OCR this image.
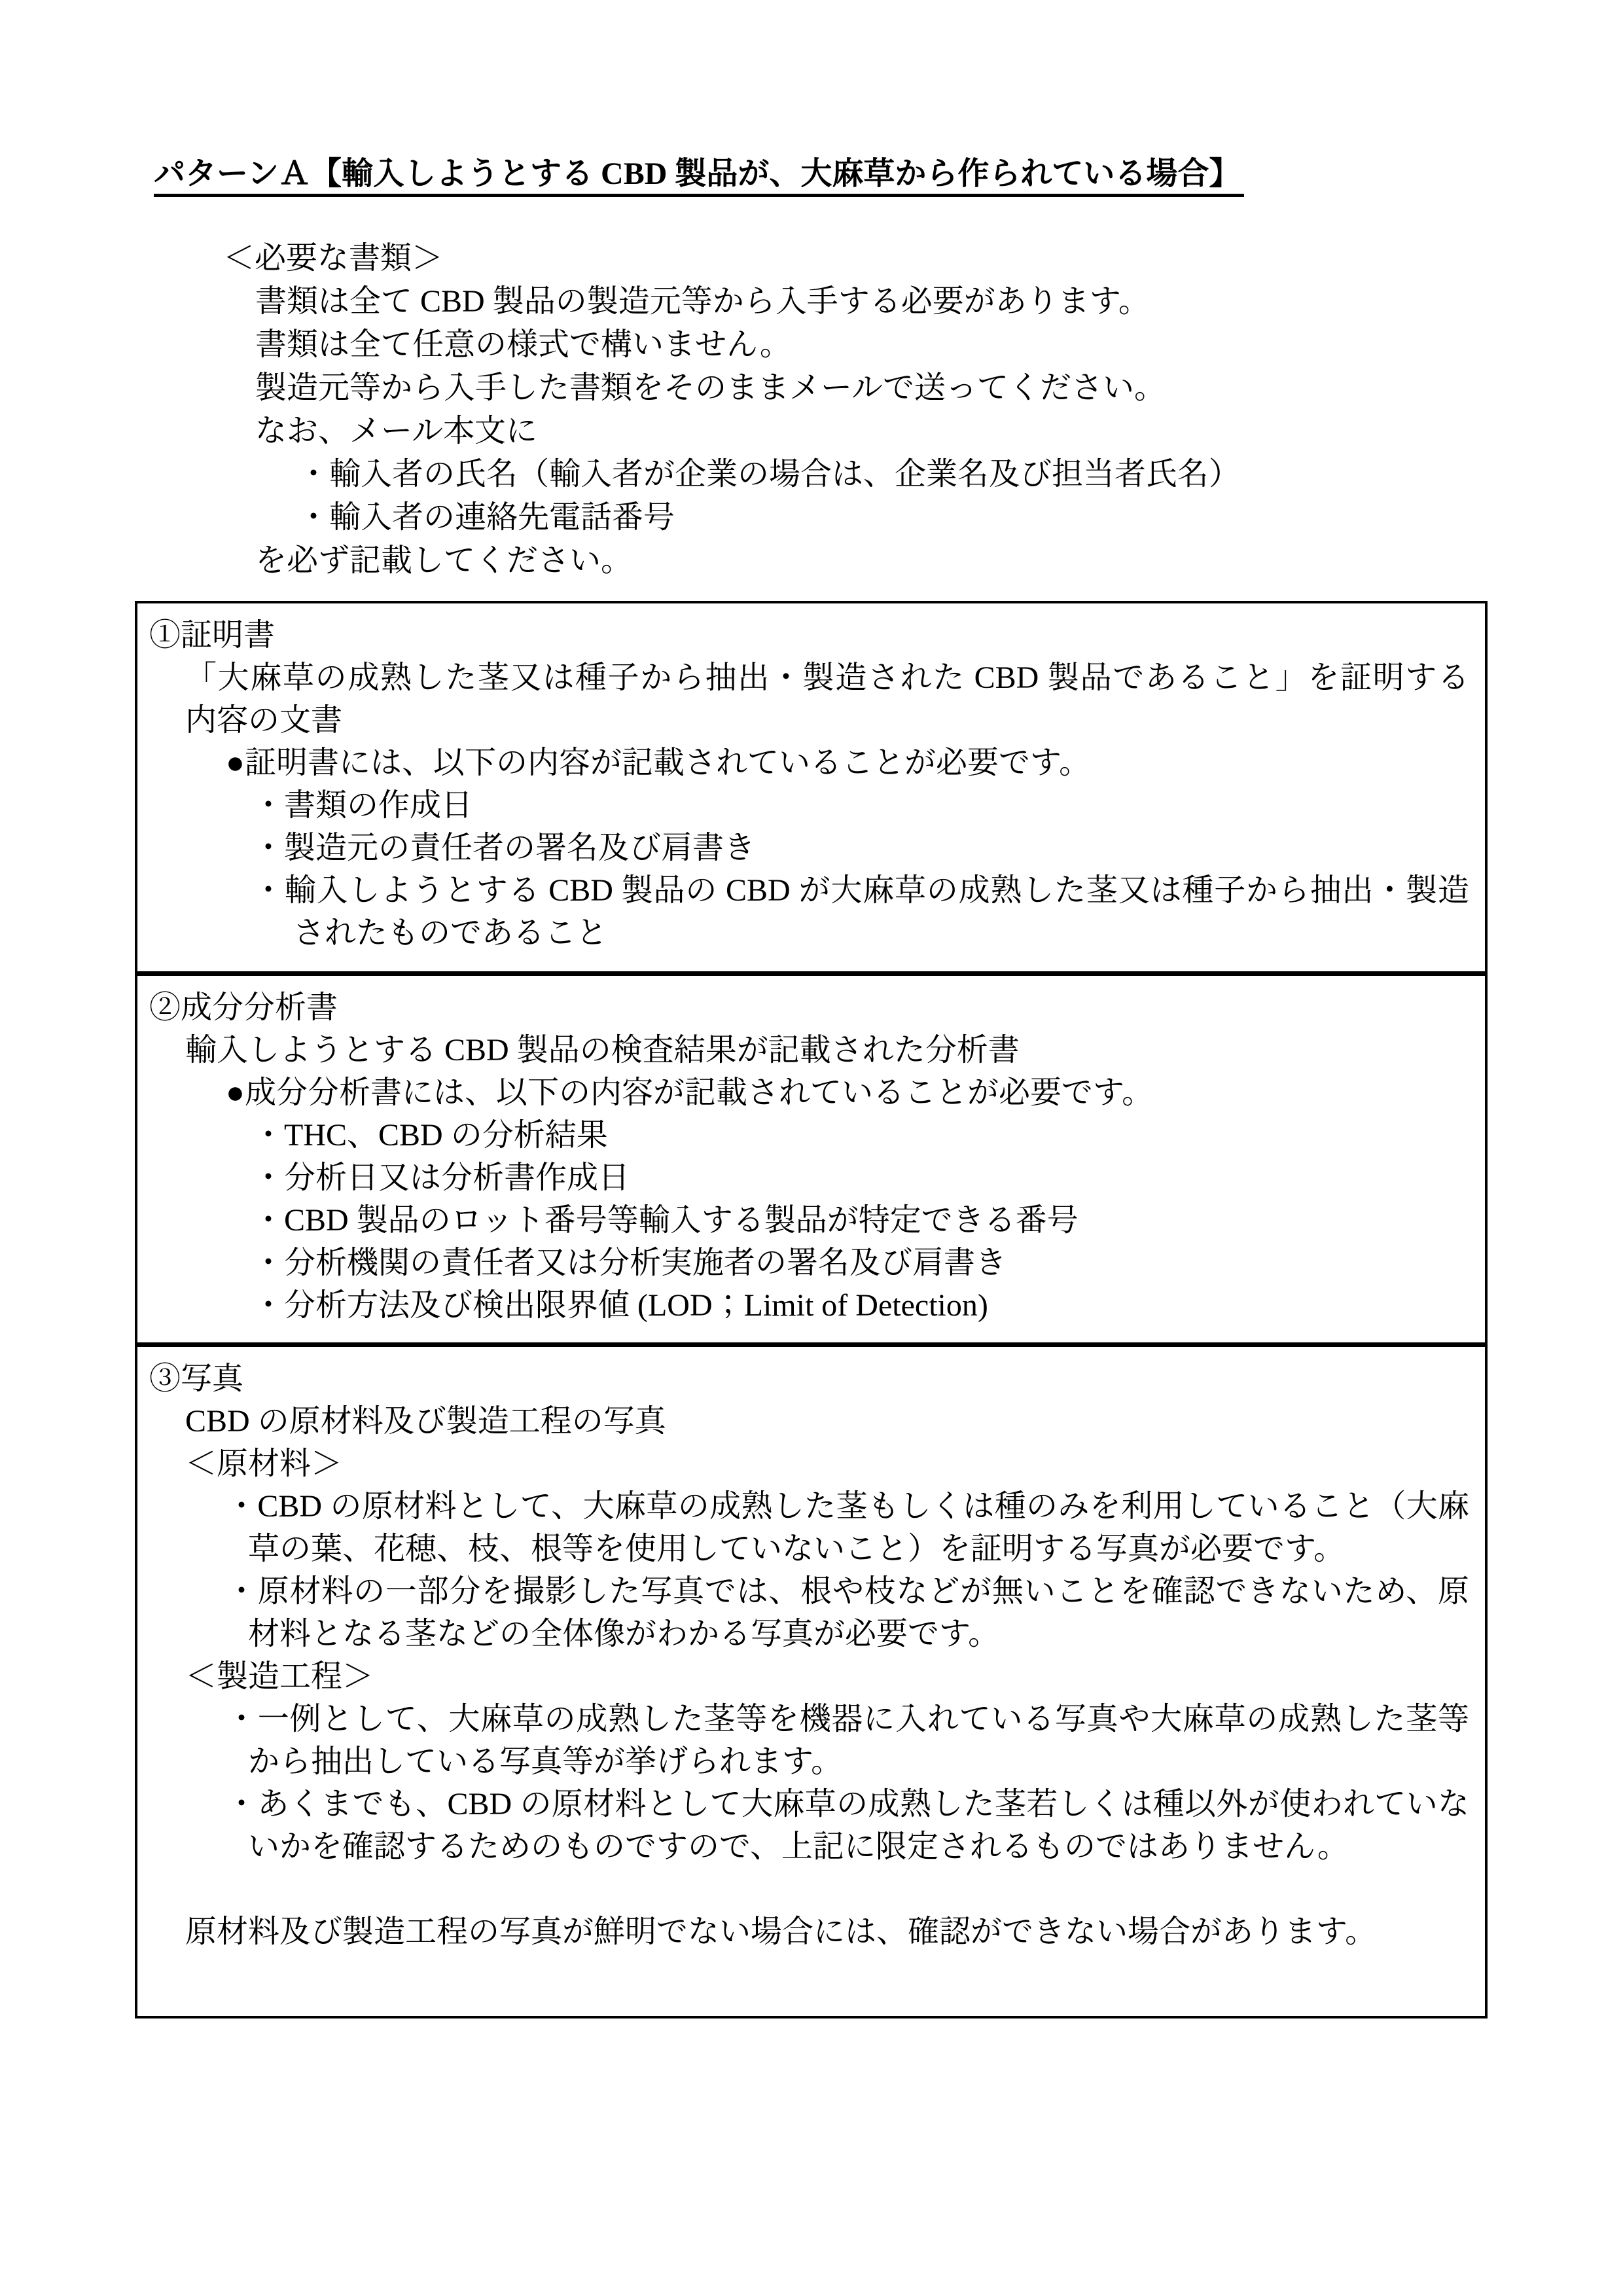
パターンＡ【輸入しようとする CBD 製品が、大麻草から作られている場合】
＜必要な書類＞
書類は全て CBD 製品の製造元等から入手する必要があります。
書類は全て任意の様式で構いません。
製造元等から入手した書類をそのままメールで送ってください。
なお、メール本文に
・輸入者の氏名（輸入者が企業の場合は、企業名及び担当者氏名）
・輸入者の連絡先電話番号
を必ず記載してください。
①証明書
「大麻草の成熟した茎又は種子から抽出・製造された CBD 製品であること」を証明する
内容の文書
●証明書には、以下の内容が記載されていることが必要です。
・書類の作成日
・製造元の責任者の署名及び肩書き
・輸入しようとする CBD 製品の CBD が大麻草の成熟した茎又は種子から抽出・製造
されたものであること
②成分分析書
輸入しようとする CBD 製品の検査結果が記載された分析書
●成分分析書には、以下の内容が記載されていることが必要です。
・THC、CBD の分析結果
・分析日又は分析書作成日
・CBD 製品のロット番号等輸入する製品が特定できる番号
・分析機関の責任者又は分析実施者の署名及び肩書き
・分析方法及び検出限界値 (LOD；Limit of Detection)
③写真
CBD の原材料及び製造工程の写真
＜原材料＞
・CBD の原材料として、大麻草の成熟した茎もしくは種のみを利用していること（大麻
草の葉、花穂、枝、根等を使用していないこと）を証明する写真が必要です。
・原材料の一部分を撮影した写真では、根や枝などが無いことを確認できないため、原
材料となる茎などの全体像がわかる写真が必要です。
＜製造工程＞
・一例として、大麻草の成熟した茎等を機器に入れている写真や大麻草の成熟した茎等
から抽出している写真等が挙げられます。
・あくまでも、CBD の原材料として大麻草の成熟した茎若しくは種以外が使われていな
いかを確認するためのものですので、上記に限定されるものではありません。
原材料及び製造工程の写真が鮮明でない場合には、確認ができない場合があります。
